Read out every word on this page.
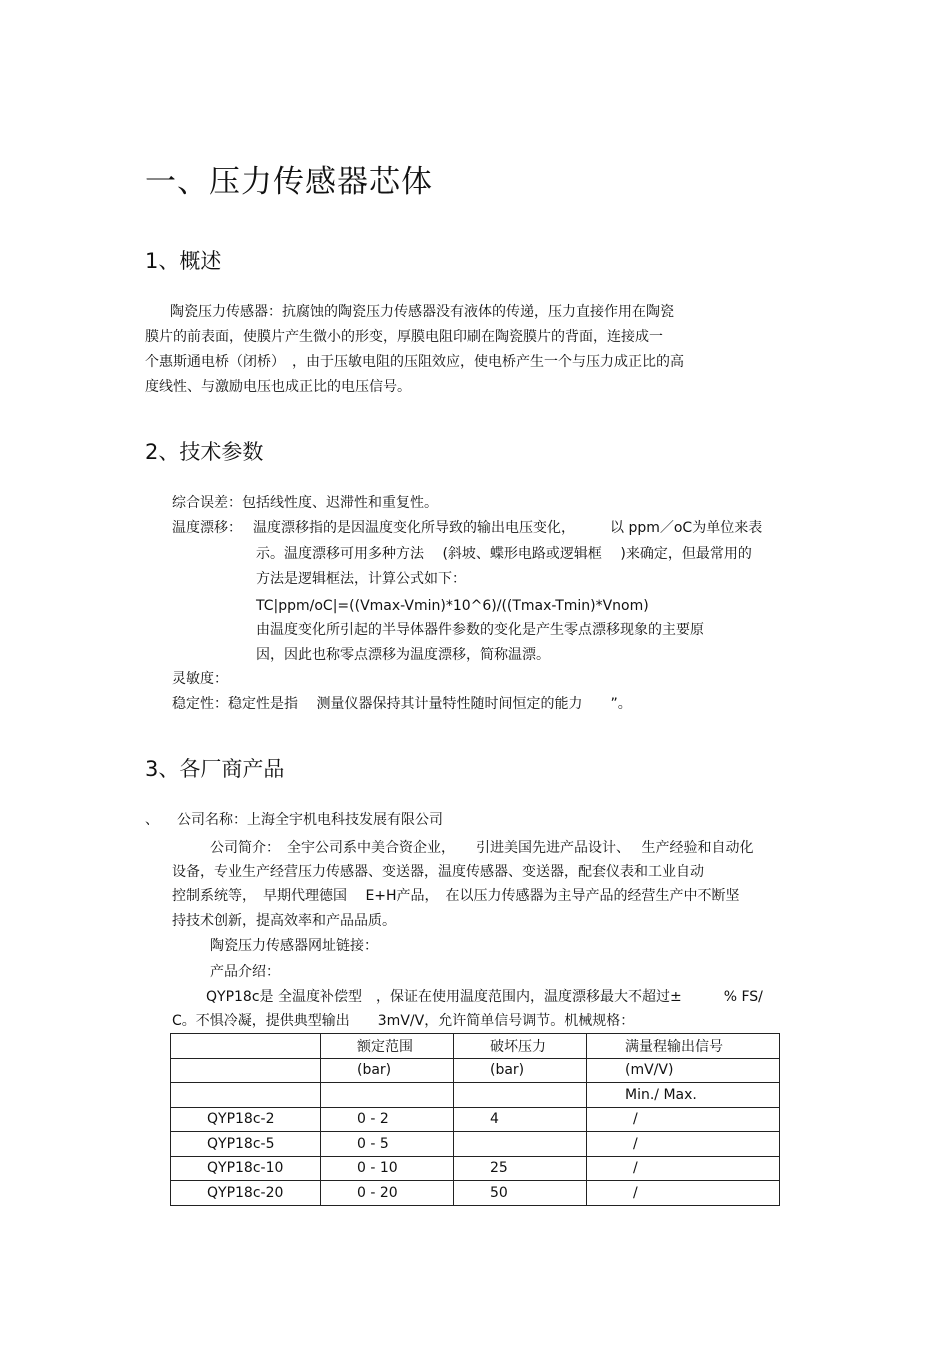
一、压力传感器芯体
1、概述
陶瓷压力传感器：抗腐蚀的陶瓷压力传感器没有液体的传递，压力直接作用在陶瓷
膜片的前表面，使膜片产生微小的形变，厚膜电阻印刷在陶瓷膜片的背面，连接成一
个惠斯通电桥（闭桥）　，由于压敏电阻的压阻效应，使电桥产生一个与压力成正比的高
度线性、与激励电压也成正比的电压信号。
2、技术参数
综合误差：包括线性度、迟滞性和重复性。
温度漂移： 温度漂移指的是因温度变化所导致的输出电压变化，　　　以 ppm／oC为单位来表
示。温度漂移可用多种方法　 (斜坡、蝶形电路或逻辑框　 )来确定，但最常用的
方法是逻辑框法，计算公式如下：
TC|ppm/oC|=((Vmax-Vmin)*10^6)/((Tmax-Tmin)*Vnom)
由温度变化所引起的半导体器件参数的变化是产生零点漂移现象的主要原
因，因此也称零点漂移为温度漂移，简称温漂。
灵敏度：
稳定性：稳定性是指　 测量仪器保持其计量特性随时间恒定的能力　　”。
3、各厂商产品
、 公司名称：上海全宇机电科技发展有限公司
公司简介：　全宇公司系中美合资企业，　　引进美国先进产品设计、　 生产经验和自动化
设备，专业生产经营压力传感器、变送器，温度传感器、变送器，配套仪表和工业自动
控制系统等，　早期代理德国　 E+H产品，　在以压力传感器为主导产品的经营生产中不断坚
持技术创新，提高效率和产品品质。
陶瓷压力传感器网址链接：
产品介绍：
QYP18c是 全温度补偿型　，保证在使用温度范围内，温度漂移最大不超过±　　　% FS/
C。不惧冷凝，提供典型输出　　3mV/V，允许简单信号调节。机械规格：
	额定范围	破坏压力	满量程输出信号
	(bar)	(bar)	(mV/V)
			Min./ Max.
QYP18c-2	0 - 2	4	/
QYP18c-5	0 - 5		/
QYP18c-10	0 - 10	25	/
QYP18c-20	0 - 20	50	/
